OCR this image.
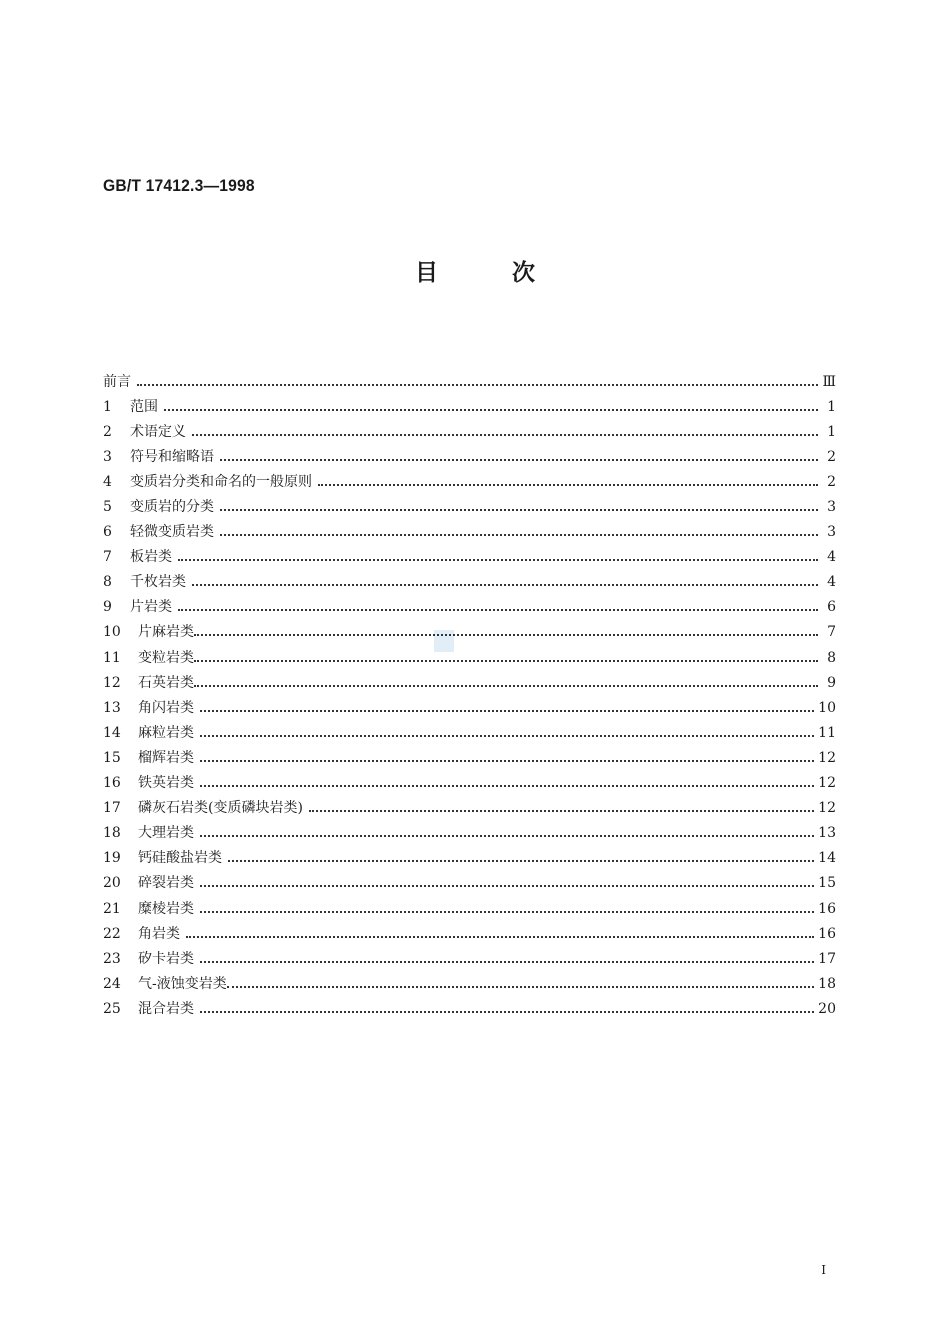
GB/T 17412.3—1998
目	次
前言	Ⅲ
1	范围	1
2	术语定义	1
3	符号和缩略语	2
4	变质岩分类和命名的一般原则	2
5	变质岩的分类	3
6	轻微变质岩类	3
7	板岩类	4
8	千枚岩类	4
9	片岩类	6
10	片麻岩类	7
11	变粒岩类	8
12	石英岩类	9
13	角闪岩类	10
14	麻粒岩类	11
15	榴辉岩类	12
16	铁英岩类	12
17	磷灰石岩类(变质磷块岩类)	12
18	大理岩类	13
19	钙硅酸盐岩类	14
20	碎裂岩类	15
21	糜棱岩类	16
22	角岩类	16
23	矽卡岩类	17
24	气-液蚀变岩类	18
25	混合岩类	20
I
